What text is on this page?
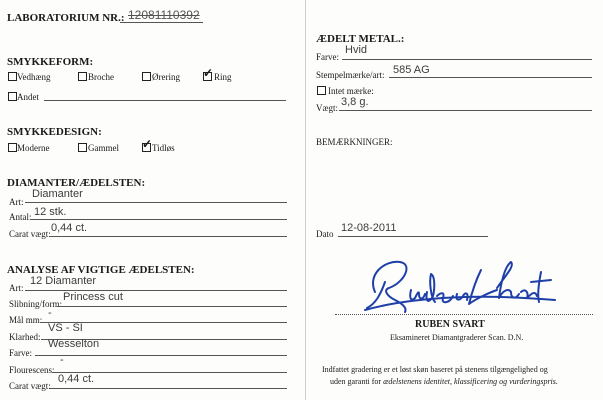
LABORATORIUM NR.: 12081110392
SMYKKEFORM:
Vedhæng	Broche	Ørering ✓ Ring
Andet
SMYKKEDESIGN:
Moderne	Gammel ✓ Tidløs
DIAMANTER/ÆDELSTEN:
Art:
Diamanter
Antal: 12 stk.
Carat vægt: 0,44 ct.
ANALYSE AF VIGTIGE ÆDELSTEN:
Art:
12 Diamanter
Slibning/form:
Princess cut
Mål mm:
-
Klarhed:
VS - SI
Farve:
Wesselton
Flourescens:
-
Carat vægt:
0,44 ct.
ÆDELT METAL.:
Farve:
Hvid
Stempelmærke/art: 585 AG
Intet mærke:
Vægt: 3,8 g.
BEMÆRKNINGER:
Dato 12-08-2011
RUBEN SVART
Eksamineret Diamantgraderer Scan. D.N.
Indfattet gradering er et løst skøn baseret på stenens tilgængelighed og
uden garanti for ædelstenens identitet, klassificering og vurderingspris.
